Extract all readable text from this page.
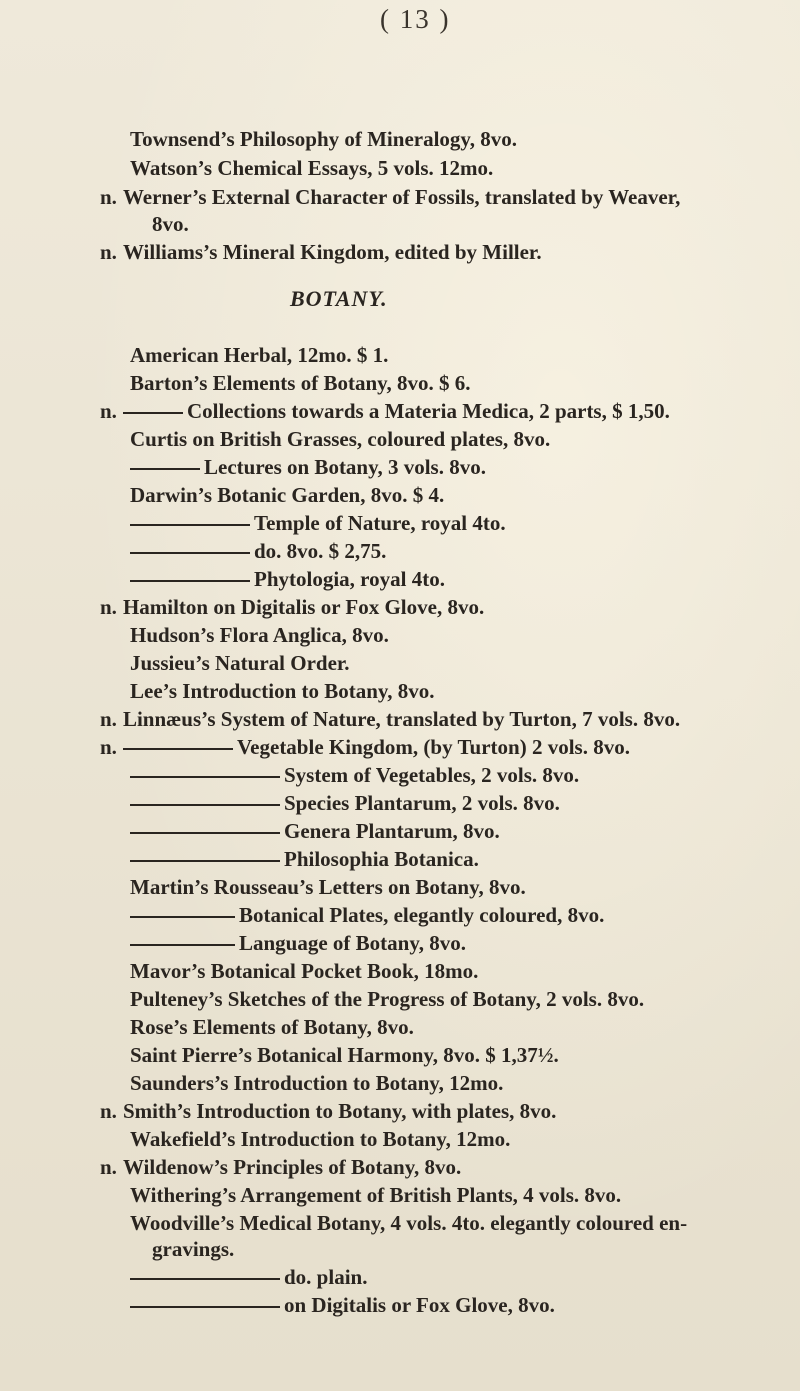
( 13 )
BOTANY.
Townsend’s Philosophy of Mineralogy, 8vo.
Watson’s Chemical Essays, 5 vols. 12mo.
n. Werner’s External Character of Fossils, translated by Weaver,
8vo.
n. Williams’s Mineral Kingdom, edited by Miller.
American Herbal, 12mo. $ 1.
Barton’s Elements of Botany, 8vo. $ 6.
n.	Collections towards a Materia Medica, 2 parts, $ 1,50.
Curtis on British Grasses, coloured plates, 8vo.
Lectures on Botany, 3 vols. 8vo.
Darwin’s Botanic Garden, 8vo. $ 4.
Temple of Nature, royal 4to.
do. 8vo. $ 2,75.
Phytologia, royal 4to.
n. Hamilton on Digitalis or Fox Glove, 8vo.
Hudson’s Flora Anglica, 8vo.
Jussieu’s Natural Order.
Lee’s Introduction to Botany, 8vo.
n. Linnæus’s System of Nature, translated by Turton, 7 vols. 8vo.
n.	Vegetable Kingdom, (by Turton) 2 vols. 8vo.
System of Vegetables, 2 vols. 8vo.
Species Plantarum, 2 vols. 8vo.
Genera Plantarum, 8vo.
Philosophia Botanica.
Martin’s Rousseau’s Letters on Botany, 8vo.
Botanical Plates, elegantly coloured, 8vo.
Language of Botany, 8vo.
Mavor’s Botanical Pocket Book, 18mo.
Pulteney’s Sketches of the Progress of Botany, 2 vols. 8vo.
Rose’s Elements of Botany, 8vo.
Saint Pierre’s Botanical Harmony, 8vo. $ 1,37½.
Saunders’s Introduction to Botany, 12mo.
n. Smith’s Introduction to Botany, with plates, 8vo.
Wakefield’s Introduction to Botany, 12mo.
n. Wildenow’s Principles of Botany, 8vo.
Withering’s Arrangement of British Plants, 4 vols. 8vo.
Woodville’s Medical Botany, 4 vols. 4to. elegantly coloured en-
gravings.
do. plain.
on Digitalis or Fox Glove, 8vo.
